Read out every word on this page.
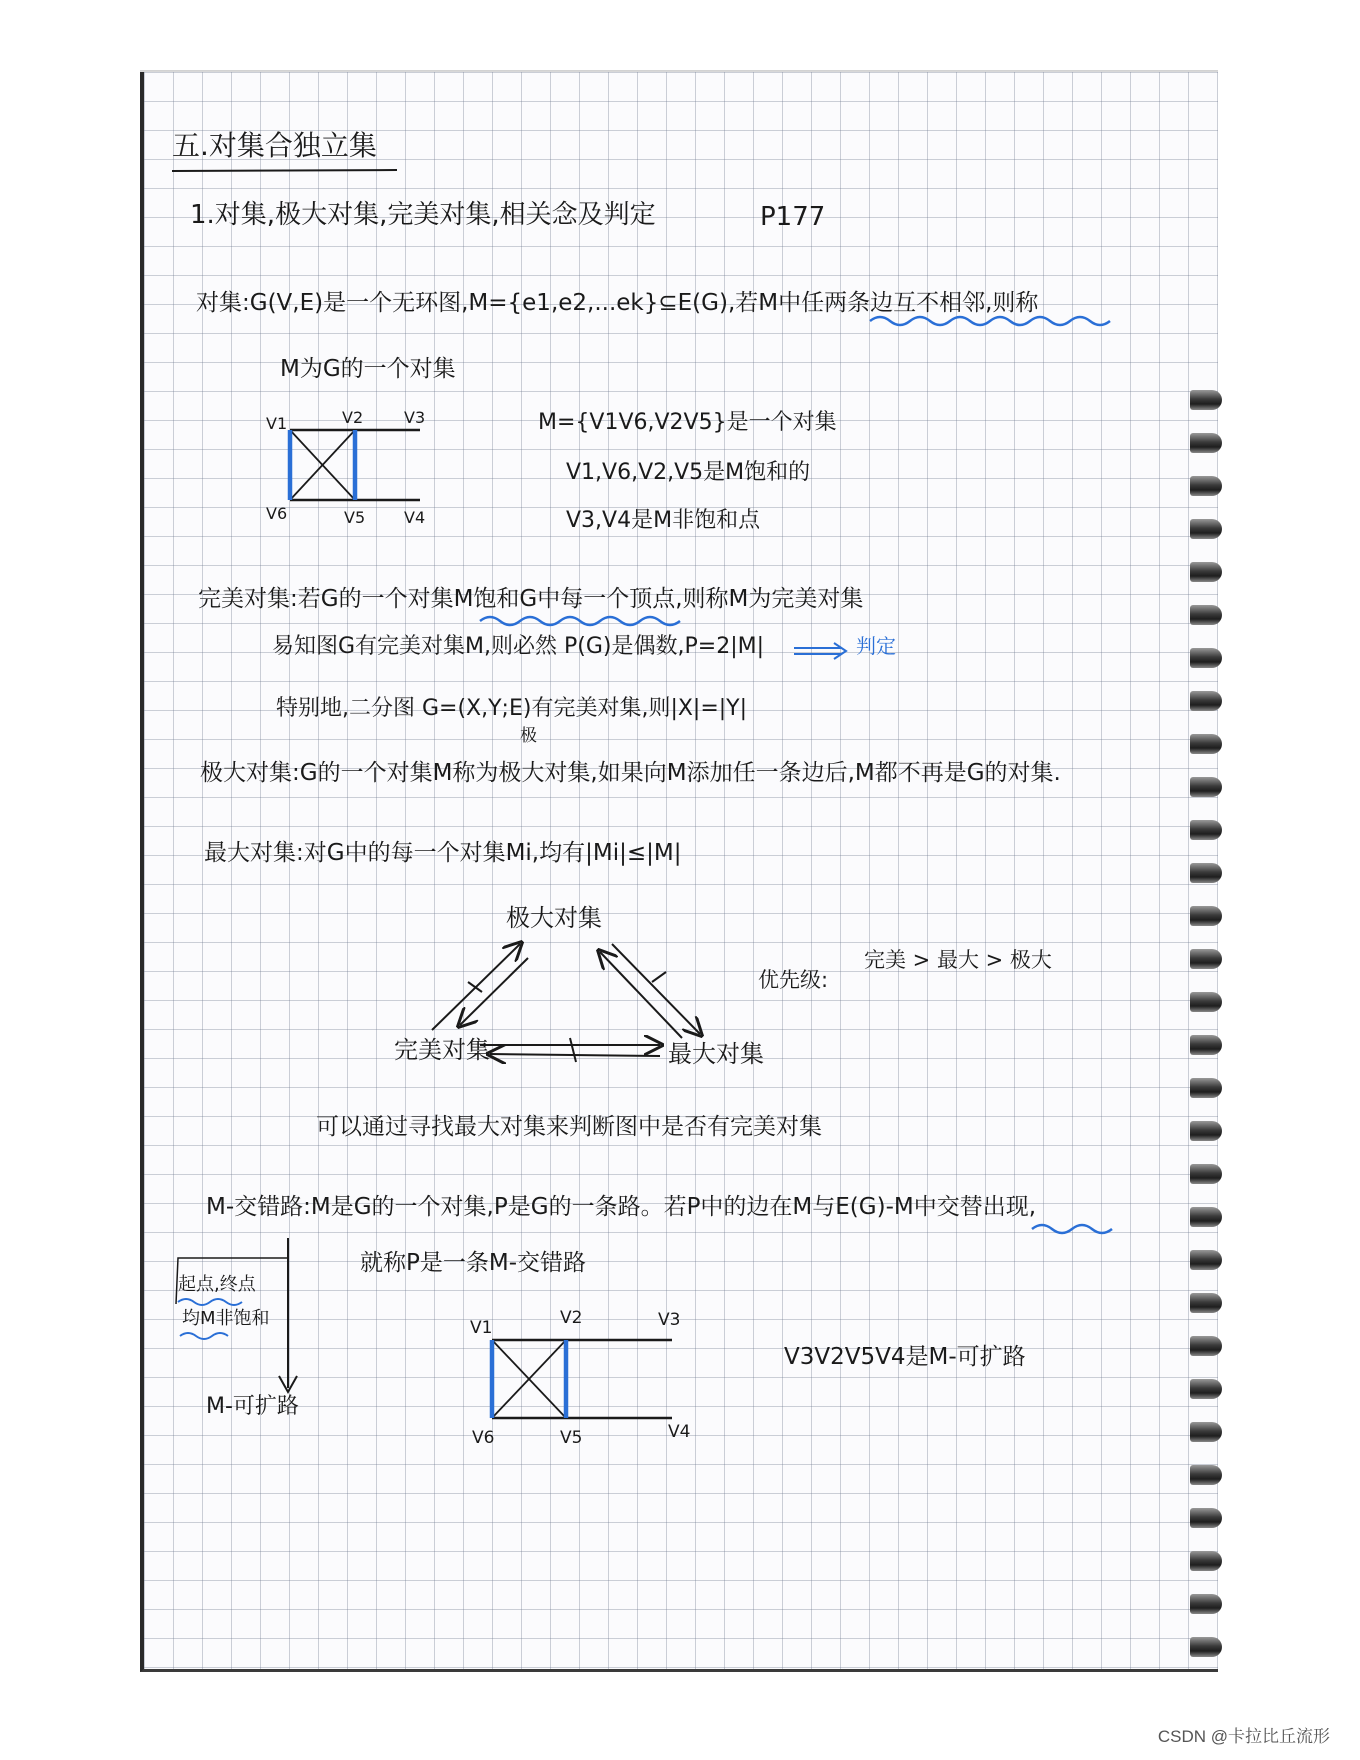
五.对集合独立集
1.对集,极大对集,完美对集,相关念及判定	P177
对集:G(V,E)是一个无环图,M={e1,e2,...ek}⊆E(G),若M中任两条边互不相邻,则称
M为G的一个对集
V1	V2	V3
V6	V5 V4
M={V1V6,V2V5}是一个对集
V1,V6,V2,V5是M饱和的
V3,V4是M非饱和点
完美对集:若G的一个对集M饱和G中每一个顶点,则称M为完美对集
易知图G有完美对集M,则必然 P(G)是偶数,P=2|M|	判定
特别地,二分图 G=(X,Y;E)有完美对集,则|X|=|Y|
极
极大对集:G的一个对集M称为极大对集,如果向M添加任一条边后,M都不再是G的对集.
最大对集:对G中的每一个对集Mi,均有|Mi|≤|M|
极大对集
完美对集	最大对集
优先级:
完美 > 最大 > 极大
可以通过寻找最大对集来判断图中是否有完美对集
M-交错路:M是G的一个对集,P是G的一条路。若P中的边在M与E(G)-M中交替出现,
就称P是一条M-交错路
起点,终点
均M非饱和
M-可扩路
V1	V2	V3
V6	V5	V4
V3V2V5V4是M-可扩路
CSDN @卡拉比丘流形
